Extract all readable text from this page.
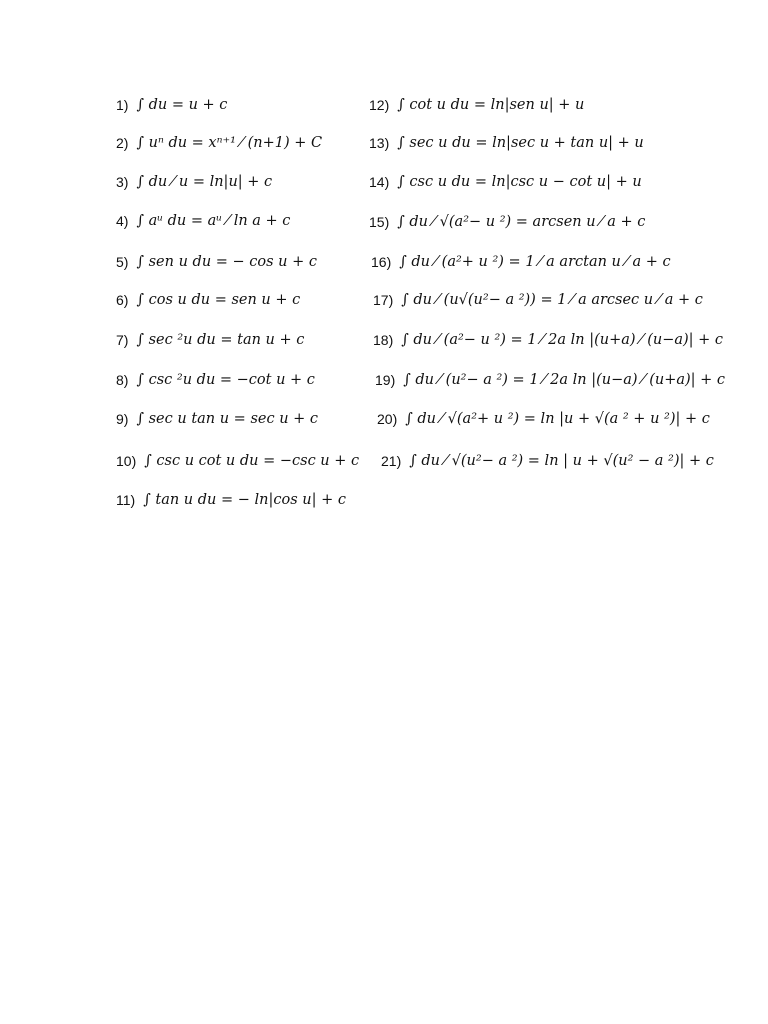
1) ∫ du = u + c
2) ∫ uⁿ du = xⁿ⁺¹ ⁄ (n+1) + C
3) ∫ du ⁄ u = ln|u| + c
4) ∫ aᵘ du = aᵘ ⁄ ln a + c
5) ∫ sen u du = − cos u + c
6) ∫ cos u du = sen u + c
7) ∫ sec ²u du = tan u + c
8) ∫ csc ²u du = −cot u + c
9) ∫ sec u tan u = sec u + c
10) ∫ csc u cot u du = −csc u + c
11) ∫ tan u du = − ln|cos u| + c
12) ∫ cot u du = ln|sen u| + u
13) ∫ sec u du = ln|sec u + tan u| + u
14) ∫ csc u du = ln|csc u − cot u| + u
15) ∫ du ⁄ √(a²− u ²) = arcsen u ⁄ a + c
16) ∫ du ⁄ (a²+ u ²) = 1 ⁄ a arctan u ⁄ a + c
17) ∫ du ⁄ (u√(u²− a ²)) = 1 ⁄ a arcsec u ⁄ a + c
18) ∫ du ⁄ (a²− u ²) = 1 ⁄ 2a ln |(u+a) ⁄ (u−a)| + c
19) ∫ du ⁄ (u²− a ²) = 1 ⁄ 2a ln |(u−a) ⁄ (u+a)| + c
20) ∫ du ⁄ √(a²+ u ²) = ln |u + √(a ² + u ²)| + c
21) ∫ du ⁄ √(u²− a ²) = ln | u + √(u² − a ²)| + c
